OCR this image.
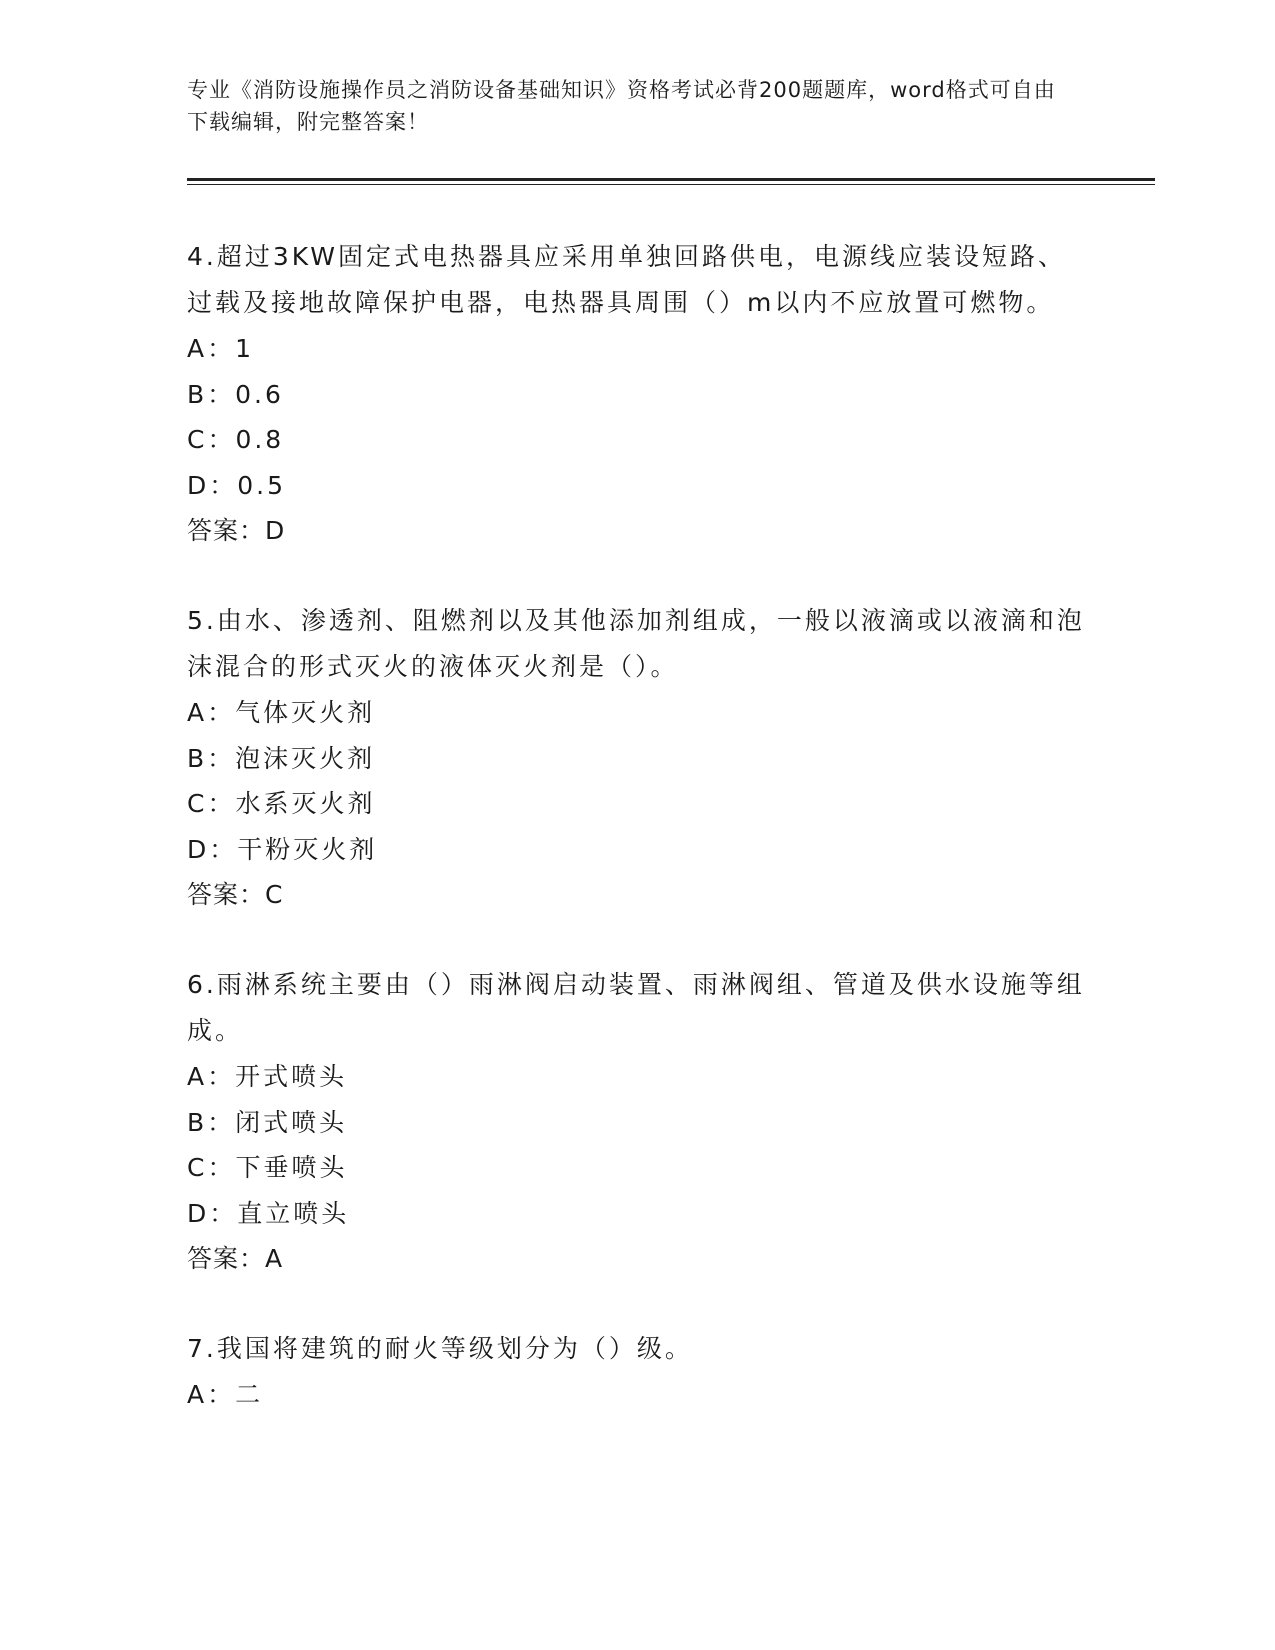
专业《消防设施操作员之消防设备基础知识》资格考试必背200题题库，word格式可自由下载编辑，附完整答案！
4.超过3KW固定式电热器具应采用单独回路供电，电源线应装设短路、过载及接地故障保护电器，电热器具周围（）m以内不应放置可燃物。
A：1
B：0.6
C：0.8
D：0.5
答案：D
5.由水、渗透剂、阻燃剂以及其他添加剂组成，一般以液滴或以液滴和泡沫混合的形式灭火的液体灭火剂是（）。
A：气体灭火剂
B：泡沫灭火剂
C：水系灭火剂
D：干粉灭火剂
答案：C
6.雨淋系统主要由（）雨淋阀启动装置、雨淋阀组、管道及供水设施等组成。
A：开式喷头
B：闭式喷头
C：下垂喷头
D：直立喷头
答案：A
7.我国将建筑的耐火等级划分为（）级。
A：二
